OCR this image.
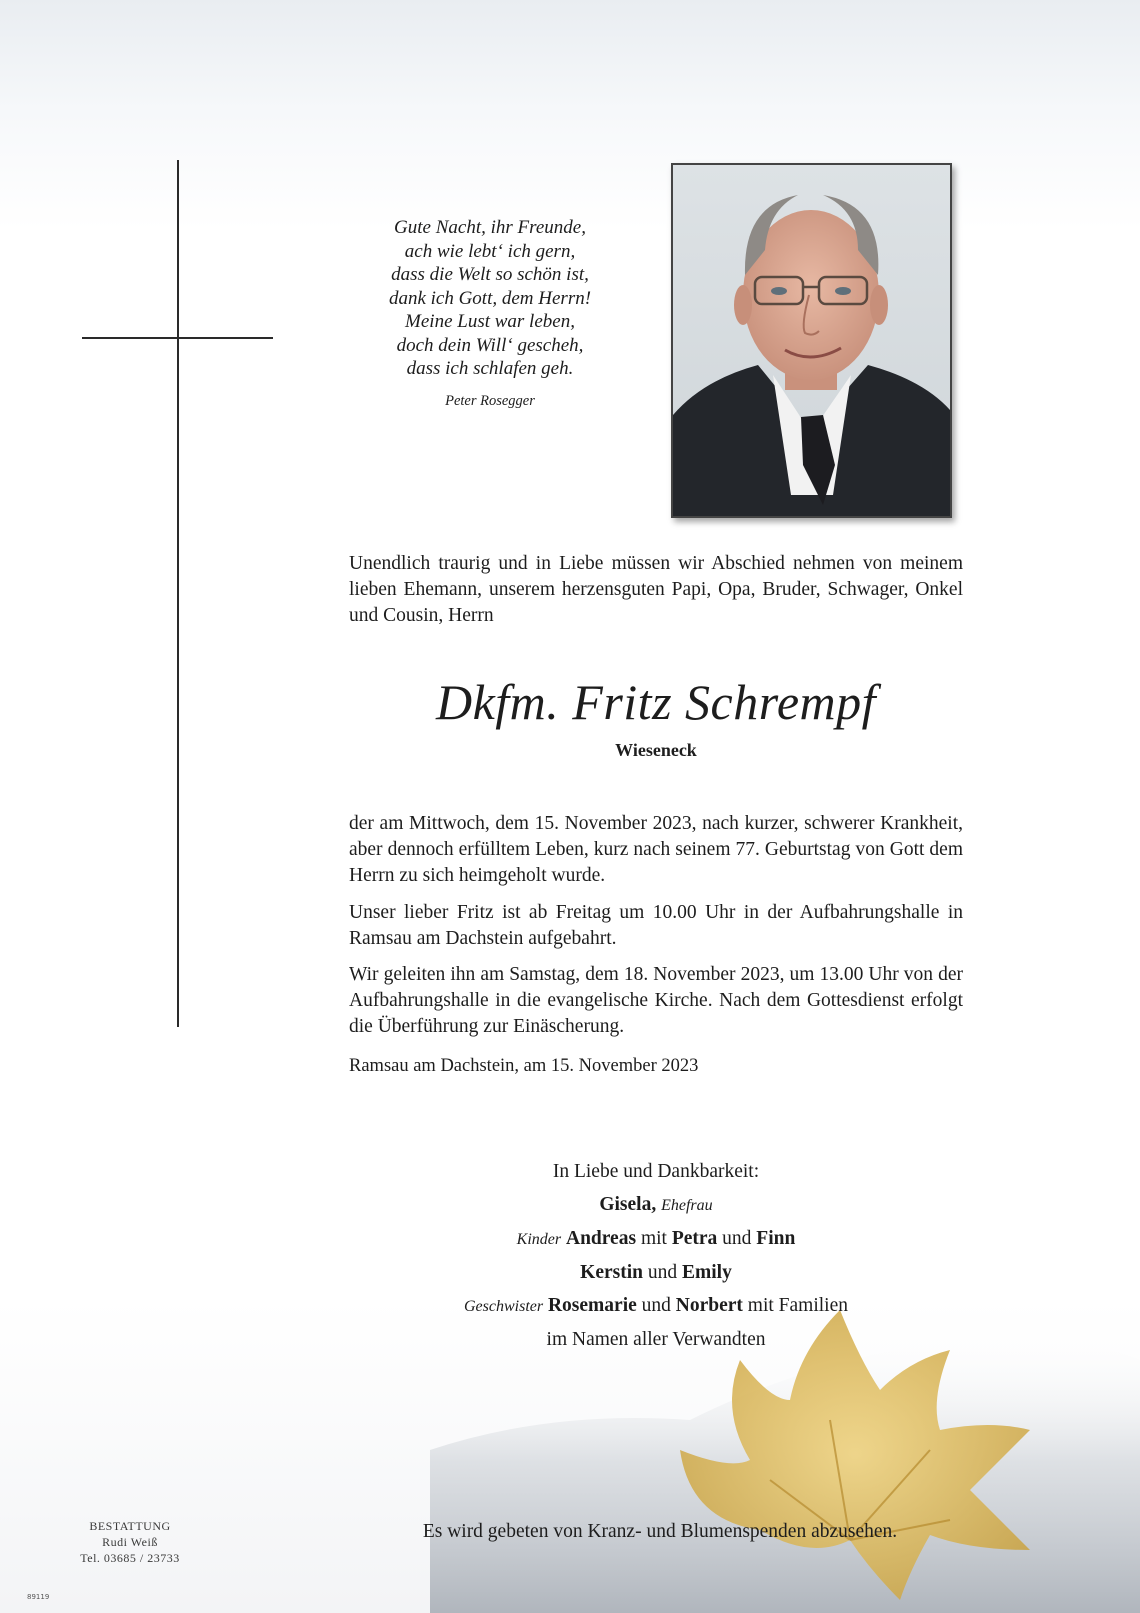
Gute Nacht, ihr Freunde,
ach wie lebt‘ ich gern,
dass die Welt so schön ist,
dank ich Gott, dem Herrn!
Meine Lust war leben,
doch dein Will‘ gescheh,
dass ich schlafen geh.
Peter Rosegger
Unendlich traurig und in Liebe müssen wir Abschied nehmen von meinem lieben Ehemann, unserem herzensguten Papi, Opa, Bruder, Schwager, Onkel und Cousin, Herrn
Dkfm. Fritz Schrempf
Wieseneck
der am Mittwoch, dem 15. November 2023, nach kurzer, schwerer Krankheit, aber dennoch erfülltem Leben, kurz nach seinem 77. Geburtstag von Gott dem Herrn zu sich heimgeholt wurde.
Unser lieber Fritz ist ab Freitag um 10.00 Uhr in der Aufbahrungshalle in Ramsau am Dachstein aufgebahrt.
Wir geleiten ihn am Samstag, dem 18. November 2023, um 13.00 Uhr von der Aufbahrungshalle in die evangelische Kirche. Nach dem Gottesdienst erfolgt die Überführung zur Einäscherung.
Ramsau am Dachstein, am 15. November 2023
In Liebe und Dankbarkeit:
Gisela, Ehefrau
Kinder Andreas mit Petra und Finn
Kerstin und Emily
Geschwister Rosemarie und Norbert mit Familien
im Namen aller Verwandten
Es wird gebeten von Kranz- und Blumenspenden abzusehen.
BESTATTUNG
Rudi Weiß
Tel. 03685 / 23733
89119
